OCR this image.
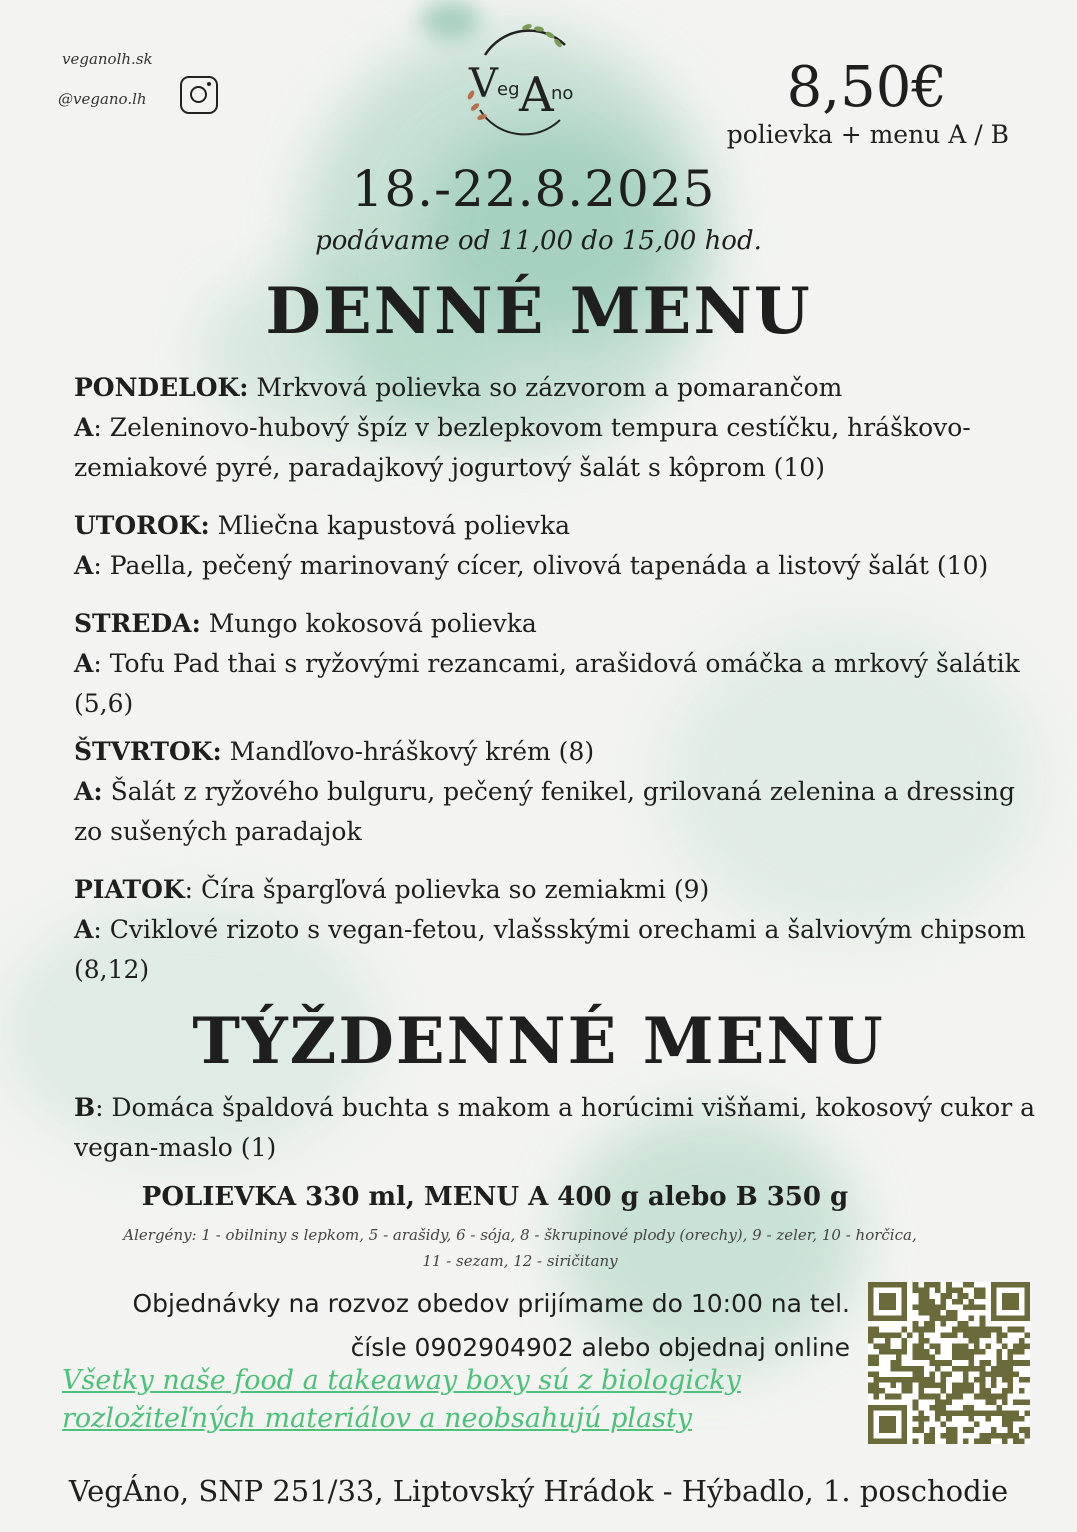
veganolh.sk
@vegano.lh	V eg A
no	8,50€
polievka + menu A / B
18.-22.8.2025
podávame od 11,00 do 15,00 hod.
DENNÉ MENU

PONDELOK: Mrkvová polievka so zázvorom a pomarančom

A: Zeleninovo-hubový špíz v bezlepkovom tempura cestíčku, hráškovo-zemiakové pyré, paradajkový jogurtový šalát s kôprom (10)

UTOROK: Mliečna kapustová polievka

A: Paella, pečený marinovaný cícer, olivová tapenáda a listový šalát (10)

STREDA: Mungo kokosová polievka

A: Tofu Pad thai s ryžovými rezancami, arašidová omáčka a mrkový šalátik (5,6)

ŠTVRTOK: Mandľovo-hráškový krém (8)

A: Šalát z ryžového bulguru, pečený fenikel, grilovaná zelenina a dressing zo sušených paradajok

PIATOK: Číra špargľová polievka so zemiakmi (9)

A: Cviklové rizoto s vegan-fetou, vlašsskými orechami a šalviovým chipsom (8,12)

TÝŽDENNÉ MENU
B: Domáca špaldová buchta s makom a horúcimi višňami, kokosový cukor a vegan-maslo (1)
POLIEVKA 330 ml, MENU A 400 g alebo B 350 g
Alergény: 1 - obilniny s lepkom, 5 - arašidy, 6 - sója, 8 - škrupinové plody (orechy), 9 - zeler, 10 - horčica,
11 - sezam, 12 - siričitany
Objednávky na rozvoz obedov prijímame do 10:00 na tel.
čísle 0902904902 alebo objednaj online
Všetky naše food a takeaway boxy sú z biologicky
rozložiteľných materiálov a neobsahujú plasty
VegÁno, SNP 251/33, Liptovský Hrádok - Hýbadlo, 1. poschodie
